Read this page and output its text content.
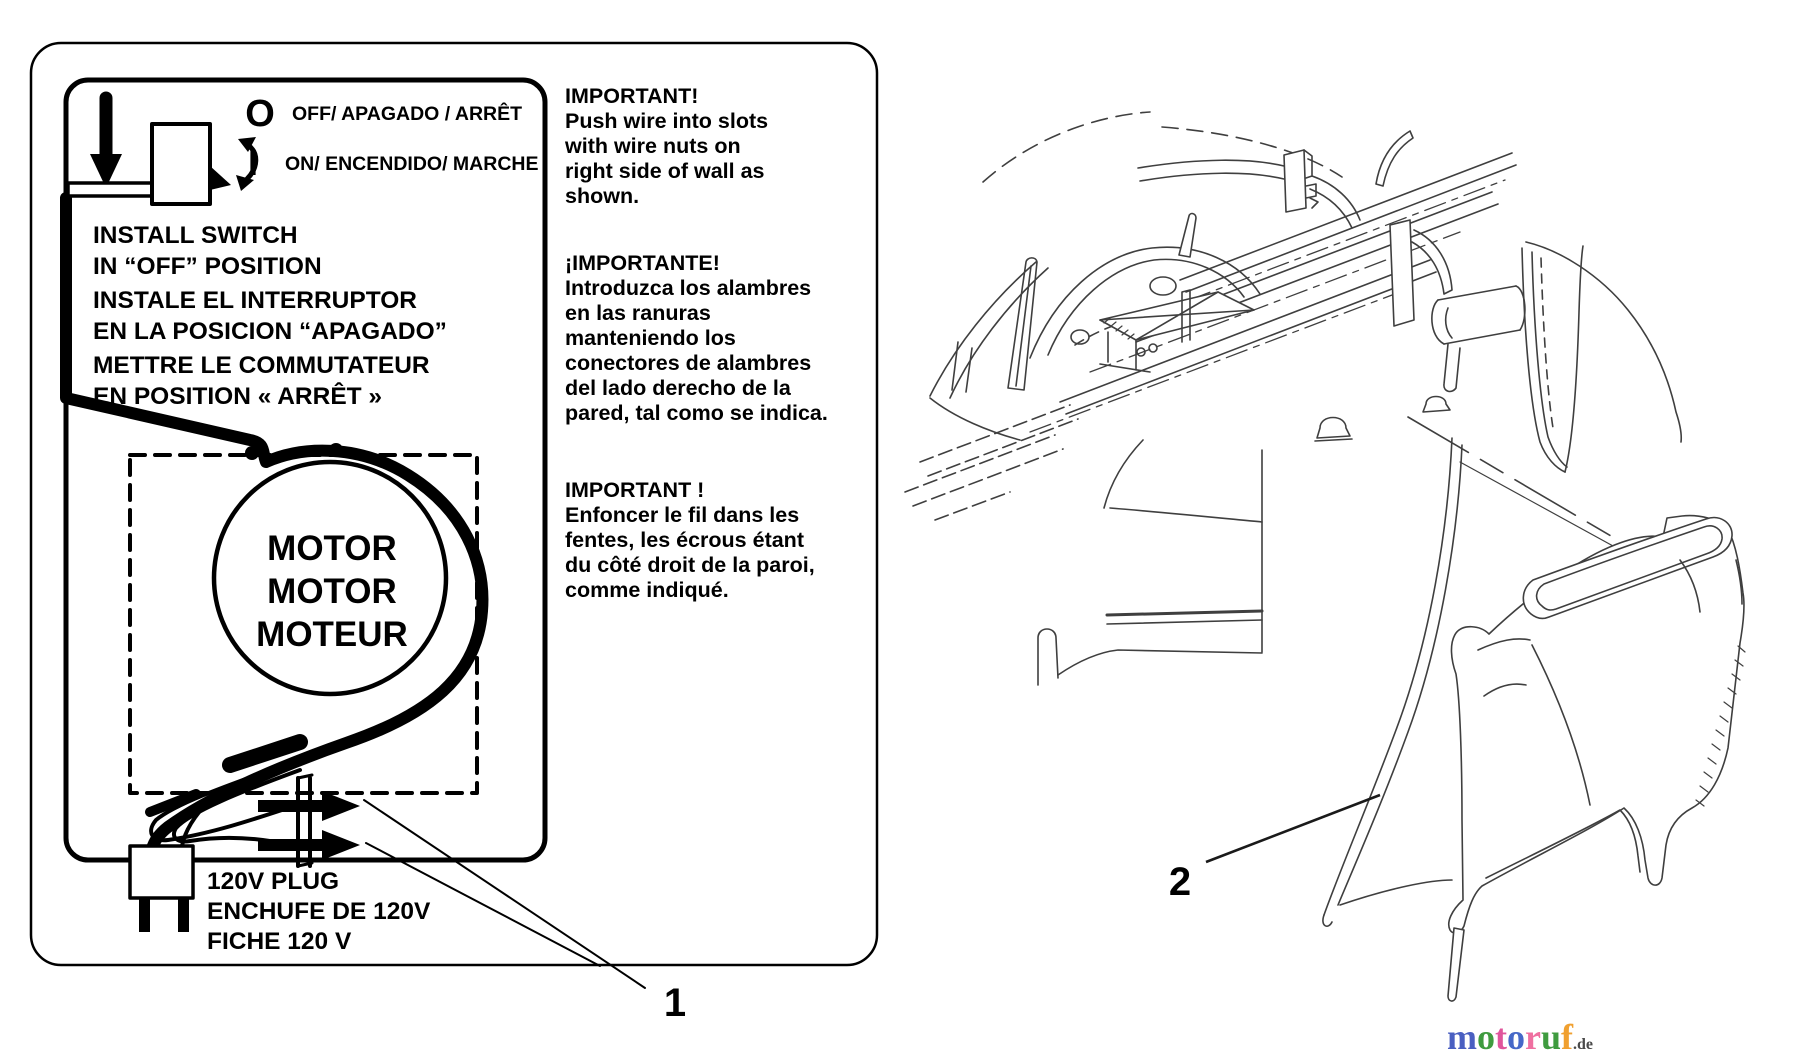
MOTOR
MOTOR
MOTEUR
O OFF/ APAGADO / ARRÊT
I ON/ ENCENDIDO/ MARCHE
INSTALL SWITCH
IN “OFF” POSITION
INSTALE EL INTERRUPTOR
EN LA POSICION “APAGADO”
METTRE LE COMMUTATEUR
EN POSITION « ARRÊT »
120V PLUG
ENCHUFE DE 120V
FICHE 120 V
1
IMPORTANT!
Push wire into slots
with wire nuts on
right side of wall as
shown.
¡IMPORTANTE!
Introduzca los alambres
en las ranuras
manteniendo los
conectores de alambres
del lado derecho de la
pared, tal como se indica.
IMPORTANT !
Enfoncer le fil dans les
fentes, les écrous étant
du côté droit de la paroi,
comme indiqué.
2
motoruf.de
